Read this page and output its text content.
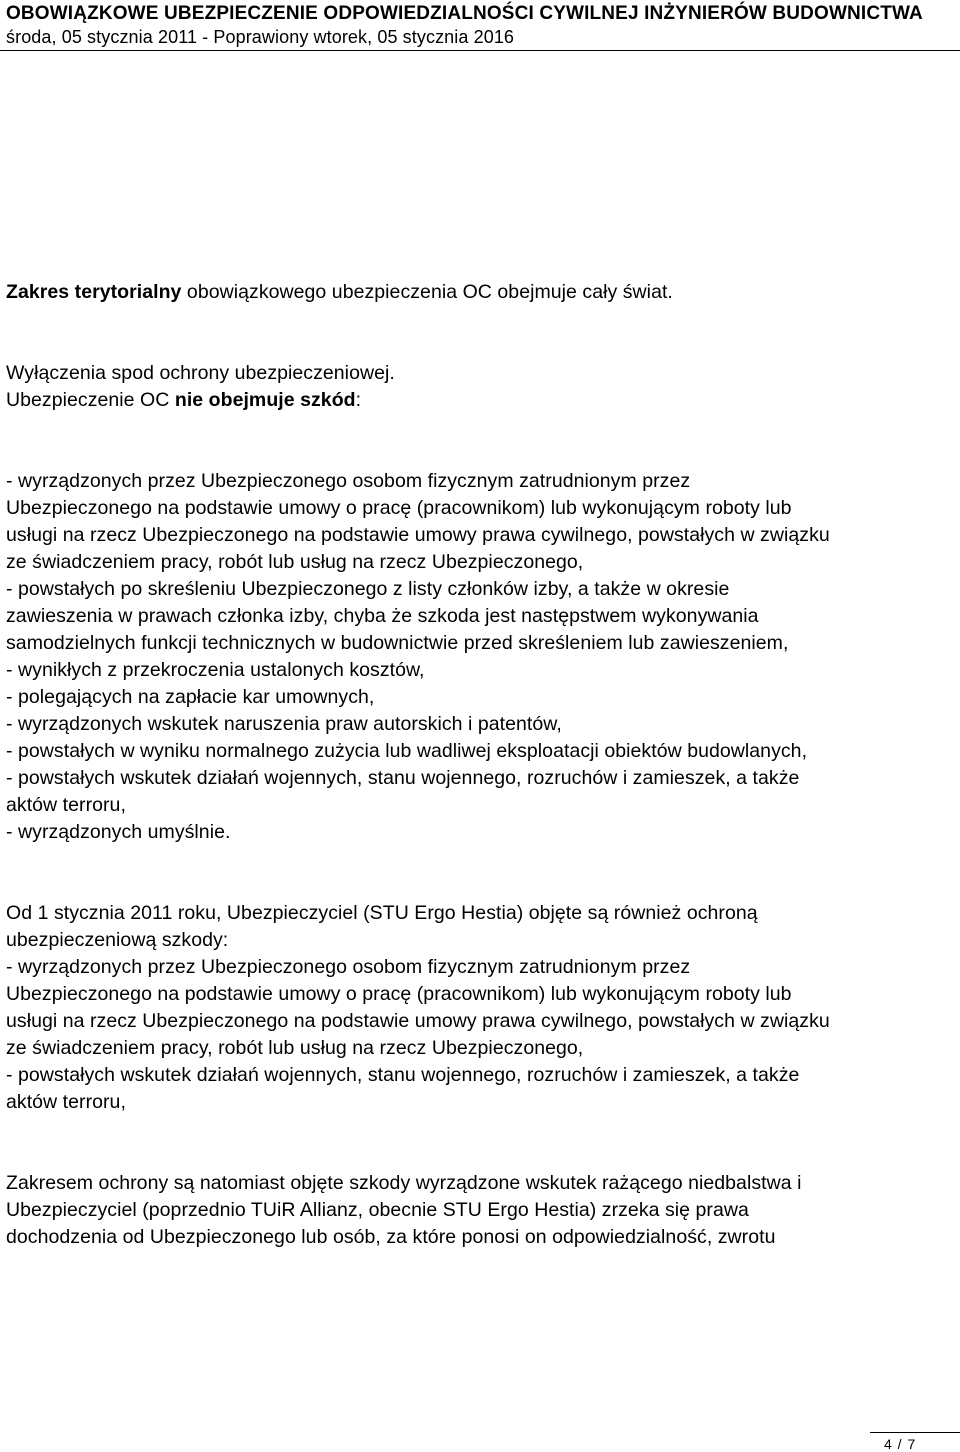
OBOWIĄZKOWE UBEZPIECZENIE ODPOWIEDZIALNOŚCI CYWILNEJ INŻYNIERÓW BUDOWNICTWA
środa, 05 stycznia 2011 - Poprawiony wtorek, 05 stycznia 2016
Zakres terytorialny obowiązkowego ubezpieczenia OC obejmuje cały świat.
Wyłączenia spod ochrony ubezpieczeniowej.
Ubezpieczenie OC nie obejmuje szkód:
- wyrządzonych przez Ubezpieczonego osobom fizycznym zatrudnionym przez
Ubezpieczonego na podstawie umowy o pracę (pracownikom) lub wykonującym roboty lub
usługi na rzecz Ubezpieczonego na podstawie umowy prawa cywilnego, powstałych w związku
ze świadczeniem pracy, robót lub usług na rzecz Ubezpieczonego,
- powstałych po skreśleniu Ubezpieczonego z listy członków izby, a także w okresie
zawieszenia w prawach członka izby, chyba że szkoda jest następstwem wykonywania
samodzielnych funkcji technicznych w budownictwie przed skreśleniem lub zawieszeniem,
- wynikłych z przekroczenia ustalonych kosztów,
- polegających na zapłacie kar umownych,
- wyrządzonych wskutek naruszenia praw autorskich i patentów,
- powstałych w wyniku normalnego zużycia lub wadliwej eksploatacji obiektów budowlanych,
- powstałych wskutek działań wojennych, stanu wojennego, rozruchów i zamieszek, a także
aktów terroru,
- wyrządzonych umyślnie.
Od 1 stycznia 2011 roku, Ubezpieczyciel (STU Ergo Hestia) objęte są również ochroną
ubezpieczeniową szkody:
- wyrządzonych przez Ubezpieczonego osobom fizycznym zatrudnionym przez
Ubezpieczonego na podstawie umowy o pracę (pracownikom) lub wykonującym roboty lub
usługi na rzecz Ubezpieczonego na podstawie umowy prawa cywilnego, powstałych w związku
ze świadczeniem pracy, robót lub usług na rzecz Ubezpieczonego,
- powstałych wskutek działań wojennych, stanu wojennego, rozruchów i zamieszek, a także
aktów terroru,
Zakresem ochrony są natomiast objęte szkody wyrządzone wskutek rażącego niedbalstwa i
Ubezpieczyciel (poprzednio TUiR Allianz, obecnie STU Ergo Hestia) zrzeka się prawa
dochodzenia od Ubezpieczonego lub osób, za które ponosi on odpowiedzialność, zwrotu
4 / 7
